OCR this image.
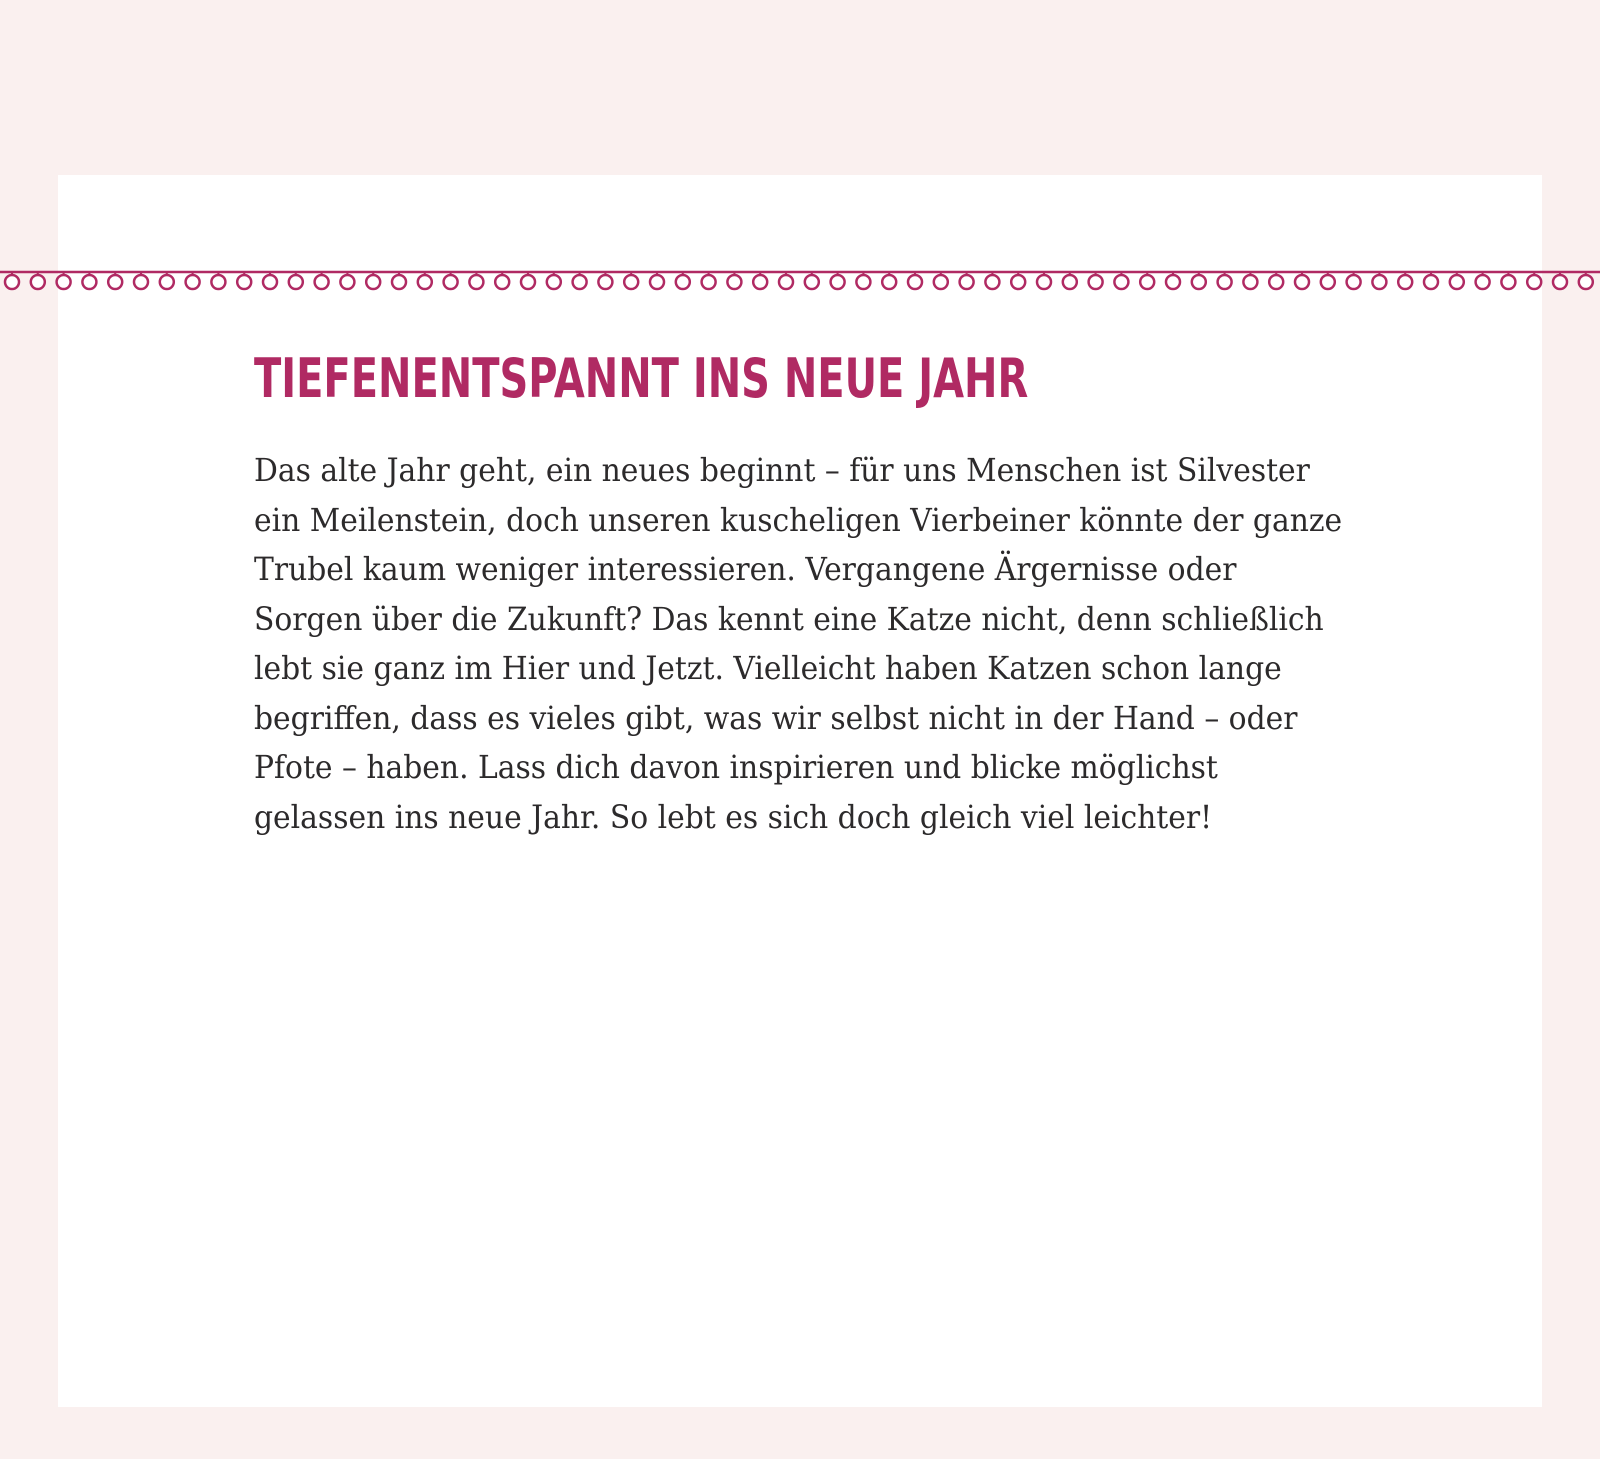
TIEFENENTSPANNT INS NEUE JAHR

Das alte Jahr geht, ein neues beginnt – für uns Menschen ist Silvester
ein Meilenstein, doch unseren kuscheligen Vierbeiner könnte der ganze
Trubel kaum weniger interessieren. Vergangene Ärgernisse oder
Sorgen über die Zukunft? Das kennt eine Katze nicht, denn schließlich
lebt sie ganz im Hier und Jetzt. Vielleicht haben Katzen schon lange
begriffen, dass es vieles gibt, was wir selbst nicht in der Hand – oder
Pfote – haben. Lass dich davon inspirieren und blicke möglichst
gelassen ins neue Jahr. So lebt es sich doch gleich viel leichter!
